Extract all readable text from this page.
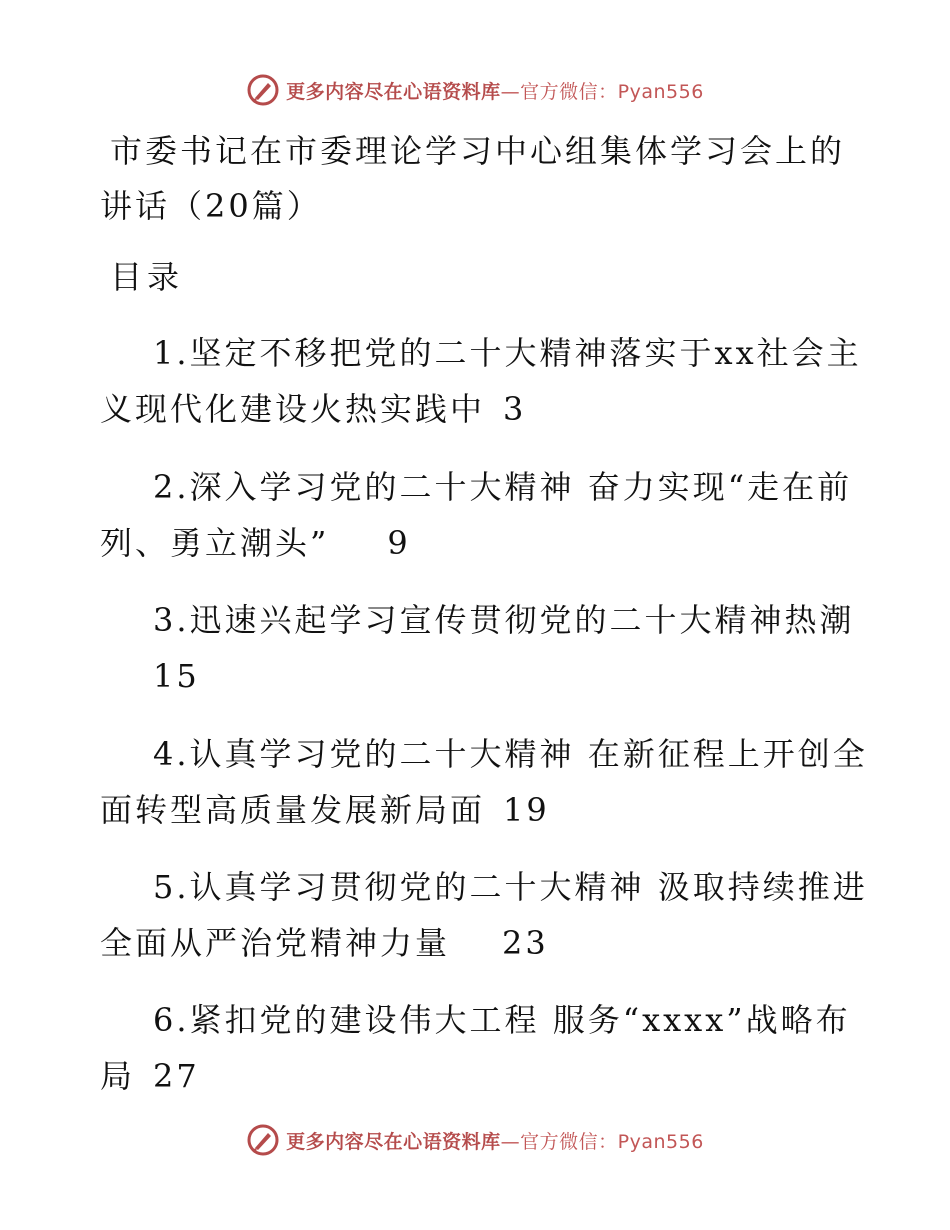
更多内容尽在心语资料库—官方微信：Pyan556
市委书记在市委理论学习中心组集体学习会上的
讲话（20篇）
目录
1.坚定不移把党的二十大精神落实于xx社会主
义现代化建设火热实践中 3
2.深入学习党的二十大精神 奋力实现“走在前
列、勇立潮头” 9
3.迅速兴起学习宣传贯彻党的二十大精神热潮
15
4.认真学习党的二十大精神 在新征程上开创全
面转型高质量发展新局面 19
5.认真学习贯彻党的二十大精神 汲取持续推进
全面从严治党精神力量 23
6.紧扣党的建设伟大工程 服务“xxxx”战略布
局 27
更多内容尽在心语资料库—官方微信：Pyan556
